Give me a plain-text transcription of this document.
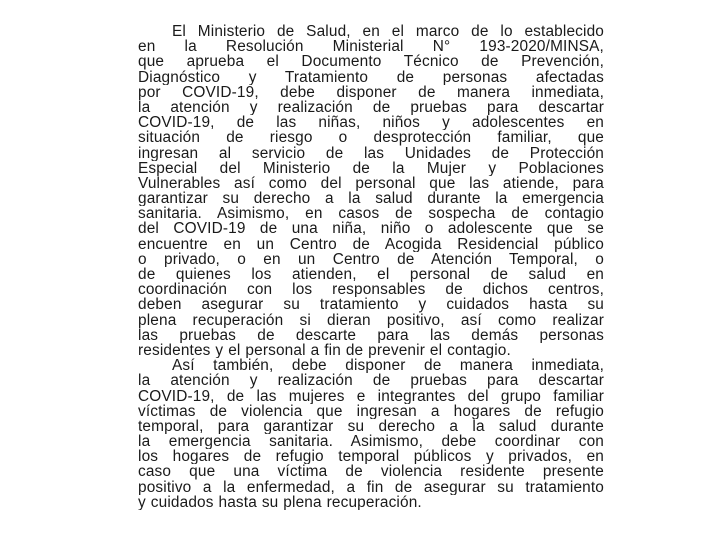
El Ministerio de Salud, en el marco de lo establecido
en la Resolución Ministerial N° 193-2020/MINSA,
que aprueba el Documento Técnico de Prevención,
Diagnóstico y Tratamiento de personas afectadas
por COVID-19, debe disponer de manera inmediata,
la atención y realización de pruebas para descartar
COVID-19, de las niñas, niños y adolescentes en
situación de riesgo o desprotección familiar, que
ingresan al servicio de las Unidades de Protección
Especial del Ministerio de la Mujer y Poblaciones
Vulnerables así como del personal que las atiende, para
garantizar su derecho a la salud durante la emergencia
sanitaria. Asimismo, en casos de sospecha de contagio
del COVID-19 de una niña, niño o adolescente que se
encuentre en un Centro de Acogida Residencial público
o privado, o en un Centro de Atención Temporal, o
de quienes los atienden, el personal de salud en
coordinación con los responsables de dichos centros,
deben asegurar su tratamiento y cuidados hasta su
plena recuperación si dieran positivo, así como realizar
las pruebas de descarte para las demás personas
residentes y el personal a fin de prevenir el contagio.
Así también, debe disponer de manera inmediata,
la atención y realización de pruebas para descartar
COVID-19, de las mujeres e integrantes del grupo familiar
víctimas de violencia que ingresan a hogares de refugio
temporal, para garantizar su derecho a la salud durante
la emergencia sanitaria. Asimismo, debe coordinar con
los hogares de refugio temporal públicos y privados, en
caso que una víctima de violencia residente presente
positivo a la enfermedad, a fin de asegurar su tratamiento
y cuidados hasta su plena recuperación.
